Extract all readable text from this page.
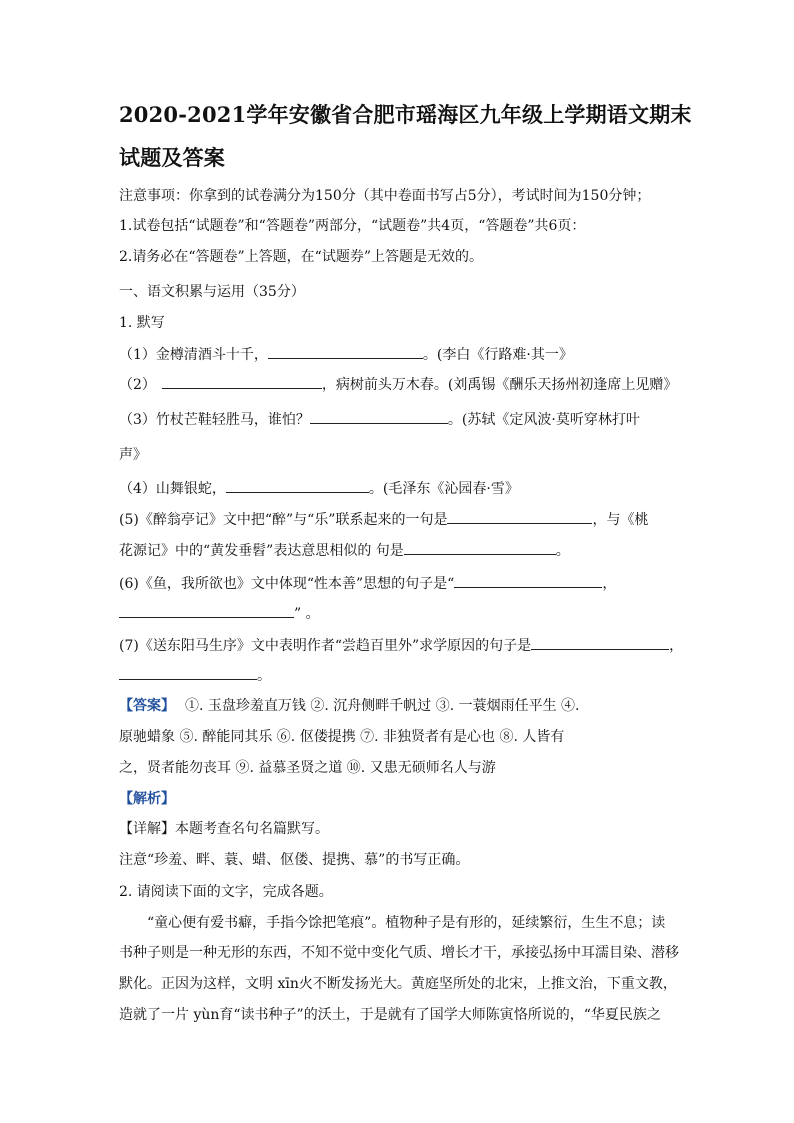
2020-2021学年安徽省合肥市瑶海区九年级上学期语文期末
试题及答案
注意事项：你拿到的试卷满分为150分（其中卷面书写占5分），考试时间为150分钟；
1.试卷包括“试题卷”和“答题卷”两部分，“试题卷”共4页，“答题卷”共6页：
2.请务必在“答题卷”上答题，在“试题券”上答题是无效的。
一、语文积累与运用（35分）
1. 默写
（1）金樽清酒斗十千，	。(李白《行路难·其一》
（2）	，病树前头万木春。(刘禹锡《酬乐天扬州初逢席上见赠》
（3）竹杖芒鞋轻胜马，谁怕？	。(苏轼《定风波·莫听穿林打叶
声》
（4）山舞银蛇，	。(毛泽东《沁园春·雪》
(5)《醉翁亭记》文中把“醉”与“乐”联系起来的一句是	，与《桃
花源记》中的“黄发垂髫”表达意思相似的 句是	。
(6)《鱼，我所欲也》文中体现“性本善”思想的句子是“	，
” 。
(7)《送东阳马生序》文中表明作者“尝趋百里外”求学原因的句子是	，
。
【答案】 ①. 玉盘珍羞直万钱 ②. 沉舟侧畔千帆过 ③. 一蓑烟雨任平生 ④.
原驰蜡象 ⑤. 醉能同其乐 ⑥. 伛偻提携 ⑦. 非独贤者有是心也 ⑧. 人皆有
之，贤者能勿丧耳 ⑨. 益慕圣贤之道 ⑩. 又患无硕师名人与游
【解析】
【详解】本题考查名句名篇默写。
注意“珍羞、畔、蓑、蜡、伛偻、提携、慕”的书写正确。
2. 请阅读下面的文字，完成各题。
“童心便有爱书癖，手指今馀把笔痕”。植物种子是有形的，延续繁衍，生生不息；读
书种子则是一种无形的东西，不知不觉中变化气质、增长才干，承接弘扬中耳濡目染、潜移
默化。正因为这样，文明 xīn火不断发扬光大。黄庭坚所处的北宋，上推文治，下重文教，
造就了一片 yùn育“读书种子”的沃土，于是就有了国学大师陈寅恪所说的，“华夏民族之
